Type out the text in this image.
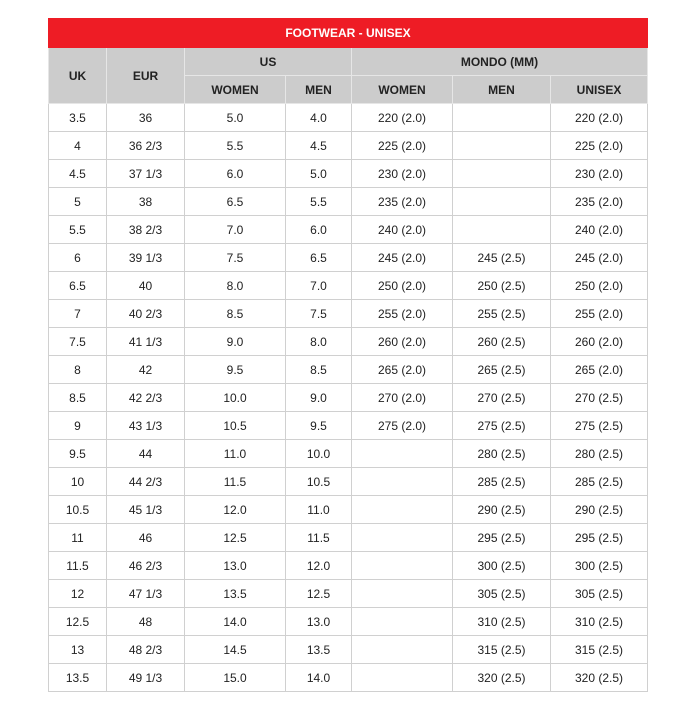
FOOTWEAR - UNISEX						
UK	EUR	US		MONDO (MM)		
		WOMEN	MEN	WOMEN	MEN	UNISEX
3.5	36	5.0	4.0	220 (2.0)		220 (2.0)
4	36 2/3	5.5	4.5	225 (2.0)		225 (2.0)
4.5	37 1/3	6.0	5.0	230 (2.0)		230 (2.0)
5	38	6.5	5.5	235 (2.0)		235 (2.0)
5.5	38 2/3	7.0	6.0	240 (2.0)		240 (2.0)
6	39 1/3	7.5	6.5	245 (2.0)	245 (2.5)	245 (2.0)
6.5	40	8.0	7.0	250 (2.0)	250 (2.5)	250 (2.0)
7	40 2/3	8.5	7.5	255 (2.0)	255 (2.5)	255 (2.0)
7.5	41 1/3	9.0	8.0	260 (2.0)	260 (2.5)	260 (2.0)
8	42	9.5	8.5	265 (2.0)	265 (2.5)	265 (2.0)
8.5	42 2/3	10.0	9.0	270 (2.0)	270 (2.5)	270 (2.5)
9	43 1/3	10.5	9.5	275 (2.0)	275 (2.5)	275 (2.5)
9.5	44	11.0	10.0		280 (2.5)	280 (2.5)
10	44 2/3	11.5	10.5		285 (2.5)	285 (2.5)
10.5	45 1/3	12.0	11.0		290 (2.5)	290 (2.5)
11	46	12.5	11.5		295 (2.5)	295 (2.5)
11.5	46 2/3	13.0	12.0		300 (2.5)	300 (2.5)
12	47 1/3	13.5	12.5		305 (2.5)	305 (2.5)
12.5	48	14.0	13.0		310 (2.5)	310 (2.5)
13	48 2/3	14.5	13.5		315 (2.5)	315 (2.5)
13.5	49 1/3	15.0	14.0		320 (2.5)	320 (2.5)
